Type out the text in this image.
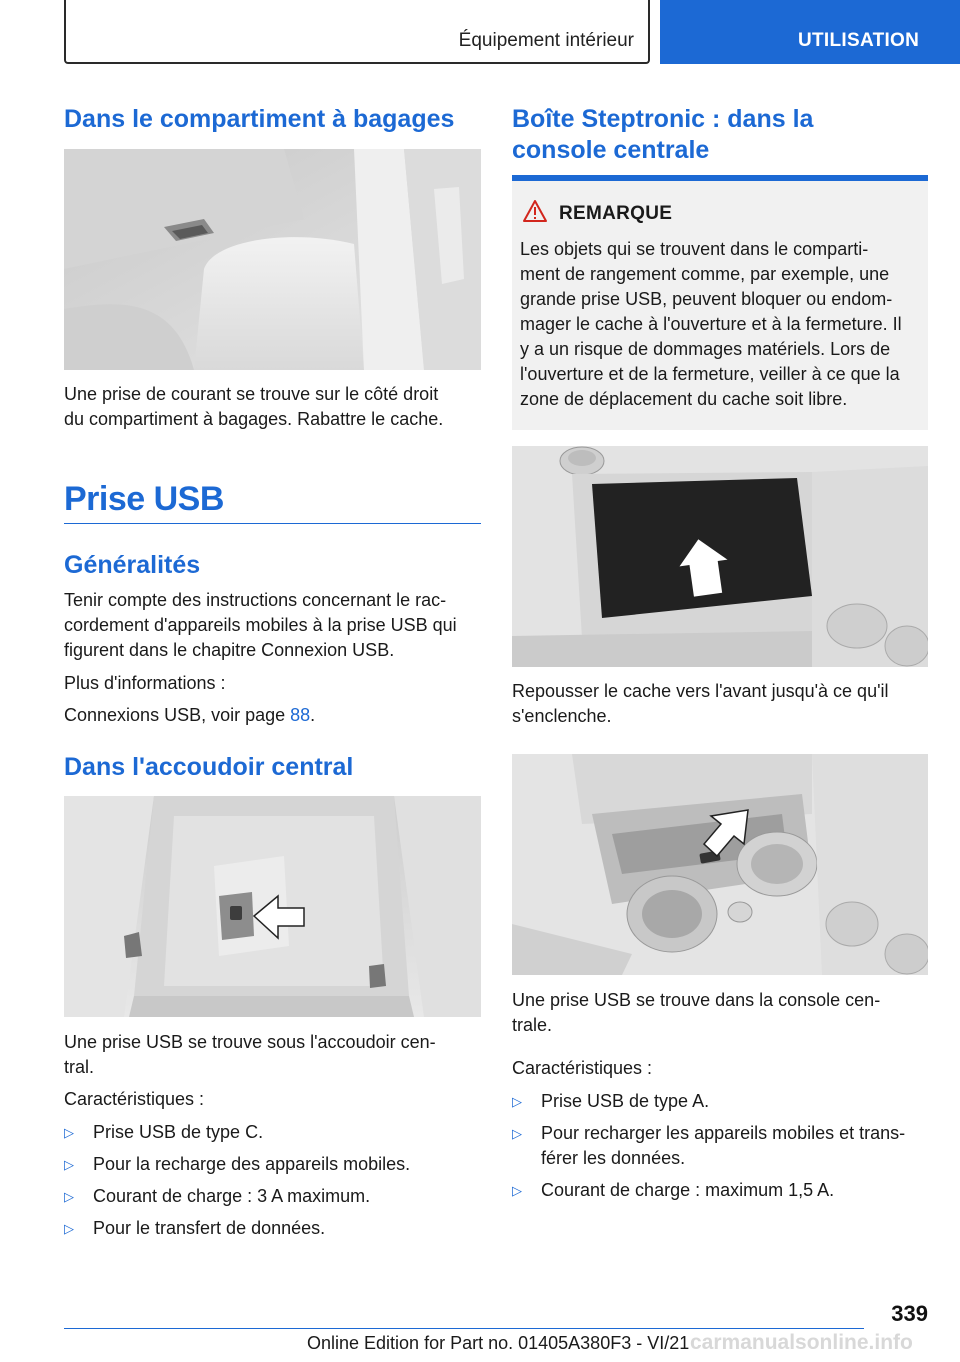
Équipement intérieur	UTILISATION
Dans le compartiment à bagages
Une prise de courant se trouve sur le côté droit
du compartiment à bagages. Rabattre le cache.
Prise USB
Généralités
Tenir compte des instructions concernant le rac-
cordement d'appareils mobiles à la prise USB qui
figurent dans le chapitre Connexion USB.
Plus d'informations :
Connexions USB, voir page 88.
Dans l'accoudoir central
Une prise USB se trouve sous l'accoudoir cen-
tral.
Caractéristiques :
▷ Prise USB de type C.
▷ Pour la recharge des appareils mobiles.
▷ Courant de charge : 3 A maximum.
▷ Pour le transfert de données.
Boîte Steptronic : dans la
console centrale
REMARQUE
Les objets qui se trouvent dans le comparti-
ment de rangement comme, par exemple, une
grande prise USB, peuvent bloquer ou endom-
mager le cache à l'ouverture et à la fermeture. Il
y a un risque de dommages matériels. Lors de
l'ouverture et de la fermeture, veiller à ce que la
zone de déplacement du cache soit libre.
Repousser le cache vers l'avant jusqu'à ce qu'il
s'enclenche.
Une prise USB se trouve dans la console cen-
trale.
Caractéristiques :
▷ Prise USB de type A.
▷ Pour recharger les appareils mobiles et trans-
férer les données.
▷ Courant de charge : maximum 1,5 A.
339
Online Edition for Part no. 01405A380F3 - VI/21 carmanualsonline.info
